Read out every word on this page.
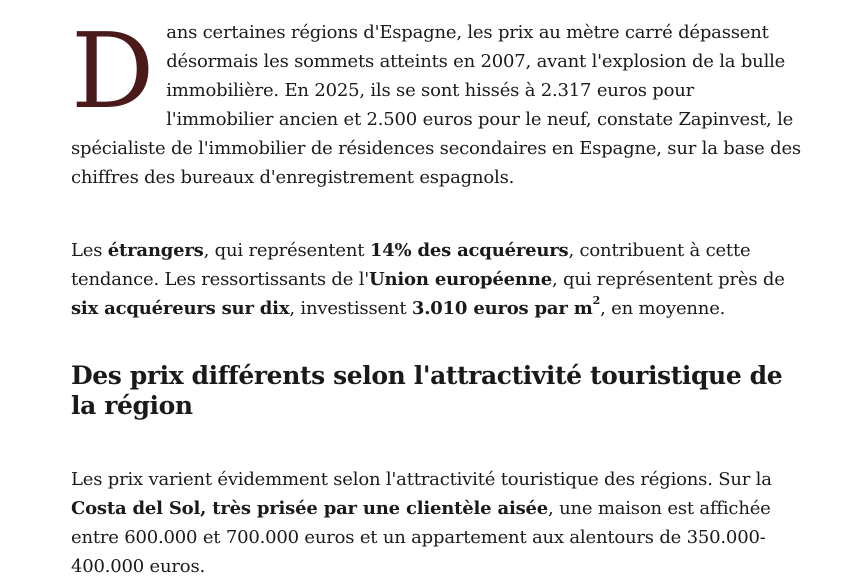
Dans certaines régions d'Espagne, les prix au mètre carré dépassent désormais les sommets atteints en 2007, avant l'explosion de la bulle immobilière. En 2025, ils se sont hissés à 2.317 euros pour l'immobilier ancien et 2.500 euros pour le neuf, constate Zapinvest, le spécialiste de l'immobilier de résidences secondaires en Espagne, sur la base des chiffres des bureaux d'enregistrement espagnols.

Les étrangers, qui représentent 14% des acquéreurs, contribuent à cette tendance. Les ressortissants de l'Union européenne, qui représentent près de six acquéreurs sur dix, investissent 3.010 euros par $m^2$, en moyenne.

Des prix différents selon l'attractivité touristique de la région

Les prix varient évidemment selon l'attractivité touristique des régions. Sur la Costa del Sol, très prisée par une clientèle aisée, une maison est affichée entre 600.000 et 700.000 euros et un appartement aux alentours de 350.000-400.000 euros.
